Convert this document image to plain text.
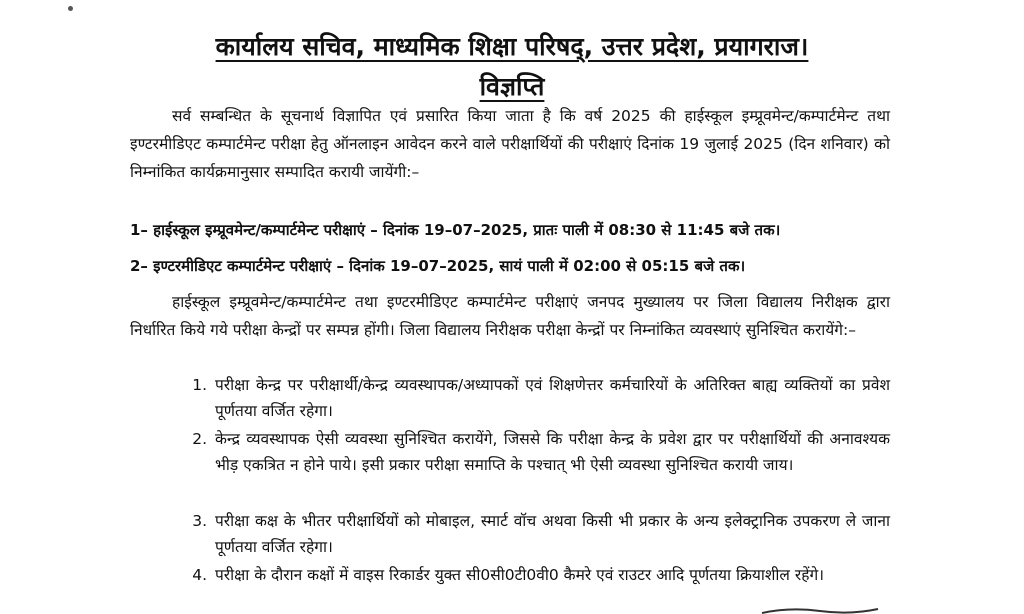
कार्यालय सचिव, माध्यमिक शिक्षा परिषद्, उत्तर प्रदेश, प्रयागराज।
विज्ञप्ति
सर्व सम्बन्धित के सूचनार्थ विज्ञापित एवं प्रसारित किया जाता है कि वर्ष 2025 की हाईस्कूल इम्प्रूवमेन्ट/कम्पार्टमेन्ट तथा इण्टरमीडिएट कम्पार्टमेन्ट परीक्षा हेतु ऑनलाइन आवेदन करने वाले परीक्षार्थियों की परीक्षाएं दिनांक 19 जुलाई 2025 (दिन शनिवार) को निम्नांकित कार्यक्रमानुसार सम्पादित करायी जायेंगी:–
1– हाईस्कूल इम्प्रूवमेन्ट/कम्पार्टमेन्ट परीक्षाएं – दिनांक 19–07–2025, प्रातः पाली में 08:30 से 11:45 बजे तक।
2– इण्टरमीडिएट कम्पार्टमेन्ट परीक्षाएं – दिनांक 19–07–2025, सायं पाली में 02:00 से 05:15 बजे तक।
हाईस्कूल इम्प्रूवमेन्ट/कम्पार्टमेन्ट तथा इण्टरमीडिएट कम्पार्टमेन्ट परीक्षाएं जनपद मुख्यालय पर जिला विद्यालय निरीक्षक द्वारा निर्धारित किये गये परीक्षा केन्द्रों पर सम्पन्न होंगी। जिला विद्यालय निरीक्षक परीक्षा केन्द्रों पर निम्नांकित व्यवस्थाएं सुनिश्चित करायेंगे:–
1. परीक्षा केन्द्र पर परीक्षार्थी/केन्द्र व्यवस्थापक/अध्यापकों एवं शिक्षणेत्तर कर्मचारियों के अतिरिक्त बाह्य व्यक्तियों का प्रवेश पूर्णतया वर्जित रहेगा।
2. केन्द्र व्यवस्थापक ऐसी व्यवस्था सुनिश्चित करायेंगे, जिससे कि परीक्षा केन्द्र के प्रवेश द्वार पर परीक्षार्थियों की अनावश्यक भीड़ एकत्रित न होने पाये। इसी प्रकार परीक्षा समाप्ति के पश्चात् भी ऐसी व्यवस्था सुनिश्चित करायी जाय।
3. परीक्षा कक्ष के भीतर परीक्षार्थियों को मोबाइल, स्मार्ट वॉच अथवा किसी भी प्रकार के अन्य इलेक्ट्रानिक उपकरण ले जाना पूर्णतया वर्जित रहेगा।
4. परीक्षा के दौरान कक्षों में वाइस रिकार्डर युक्त सी0सी0टी0वी0 कैमरे एवं राउटर आदि पूर्णतया क्रियाशील रहेंगे।
